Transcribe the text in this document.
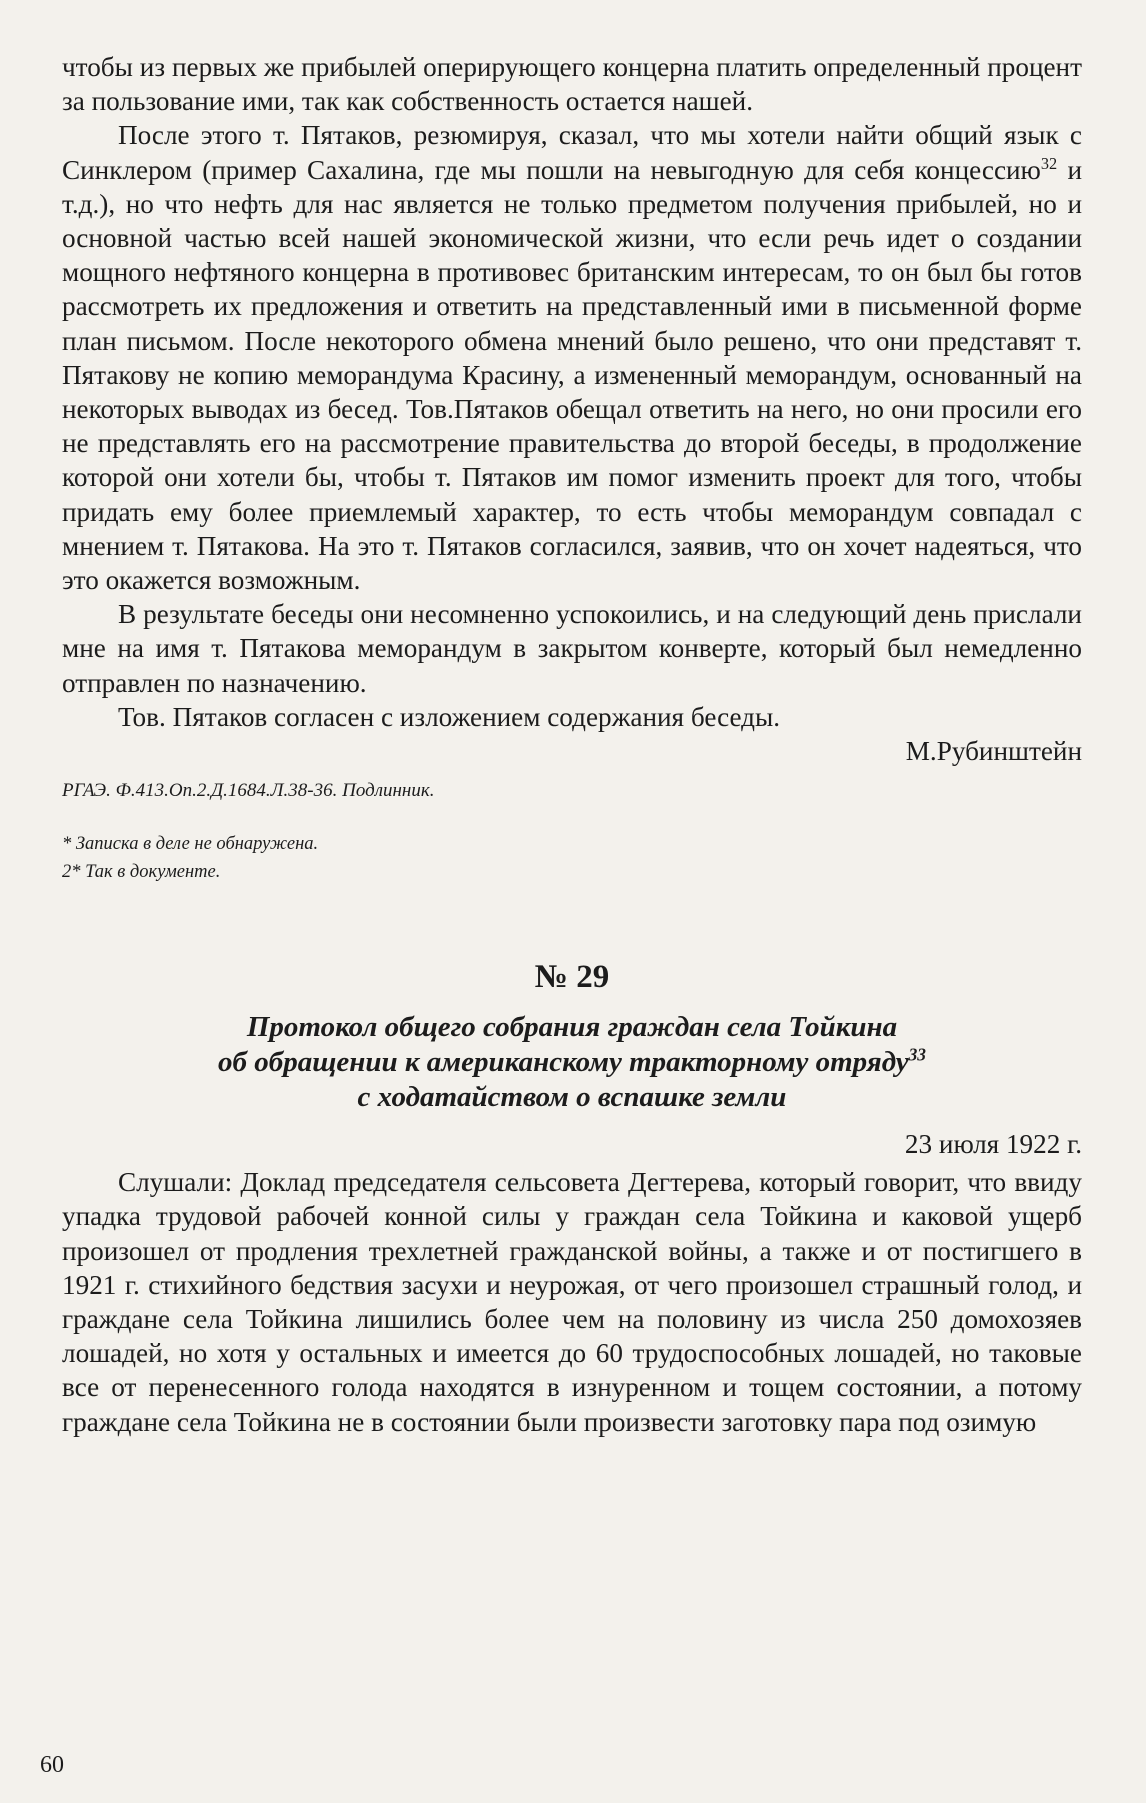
чтобы из первых же прибылей оперирующего концерна платить определенный процент за пользование ими, так как собственность остается нашей.

После этого т. Пятаков, резюмируя, сказал, что мы хотели найти общий язык с Синклером (пример Сахалина, где мы пошли на невыгодную для себя концессию$^{32}$ и т.д.), но что нефть для нас является не только предметом получения прибылей, но и основной частью всей нашей экономической жизни, что если речь идет о создании мощного нефтяного концерна в противовес британским интересам, то он был бы готов рассмотреть их предложения и ответить на представленный ими в письменной форме план письмом. После некоторого обмена мнений было решено, что они представят т. Пятакову не копию меморандума Красину, а измененный меморандум, основанный на некоторых выводах из бесед. Тов.Пятаков обещал ответить на него, но они просили его не представлять его на рассмотрение правительства до второй беседы, в продолжение которой они хотели бы, чтобы т. Пятаков им помог изменить проект для того, чтобы придать ему более приемлемый характер, то есть чтобы меморандум совпадал с мнением т. Пятакова. На это т. Пятаков согласился, заявив, что он хочет надеяться, что это окажется возможным.

В результате беседы они несомненно успокоились, и на следующий день прислали мне на имя т. Пятакова меморандум в закрытом конверте, который был немедленно отправлен по назначению.

Тов. Пятаков согласен с изложением содержания беседы.

М.Рубинштейн

РГАЭ. Ф.413.Оп.2.Д.1684.Л.38-36. Подлинник.

* Записка в деле не обнаружена.

2* Так в документе.

№ 29

Протокол общего собрания граждан села Тойкина

об обращении к американскому тракторному отряду$^{33}$

с ходатайством о вспашке земли

23 июля 1922 г.

Слушали: Доклад председателя сельсовета Дегтерева, который говорит, что ввиду упадка трудовой рабочей конной силы у граждан села Тойкина и каковой ущерб произошел от продления трехлетней гражданской войны, а также и от постигшего в 1921 г. стихийного бедствия засухи и неурожая, от чего произошел страшный голод, и граждане села Тойкина лишились более чем на половину из числа 250 домохозяев лошадей, но хотя у остальных и имеется до 60 трудоспособных лошадей, но таковые все от перенесенного голода находятся в изнуренном и тощем состоянии, а потому граждане села Тойкина не в состоянии были произвести заготовку пара под озимую

60
